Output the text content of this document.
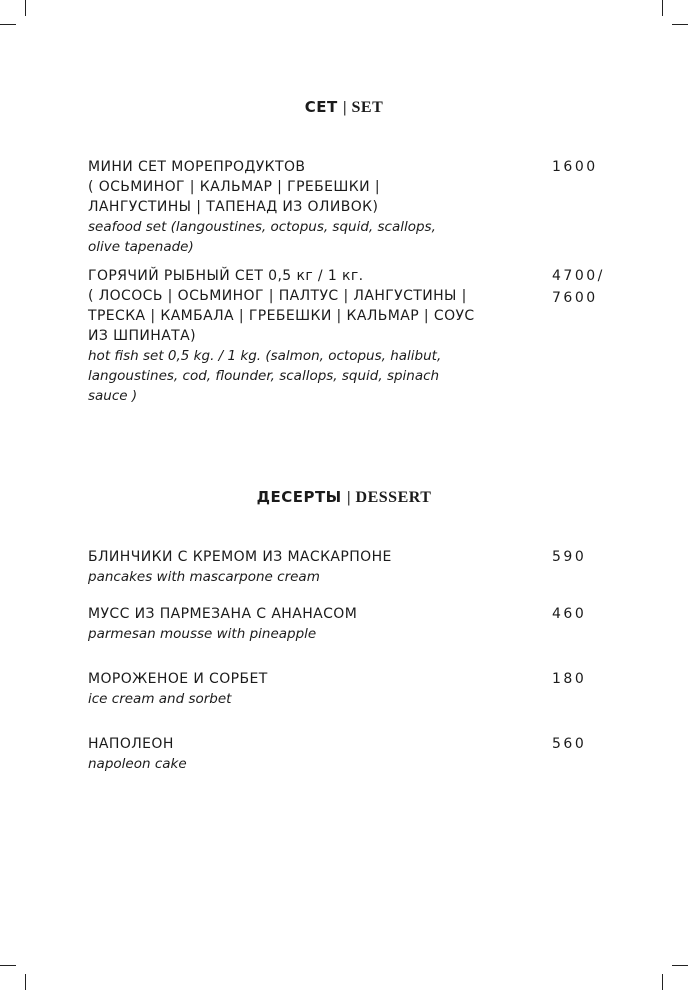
СЕТ | SET
МИНИ СЕТ МОРЕПРОДУКТОВ
( ОСЬМИНОГ | КАЛЬМАР | ГРЕБЕШКИ |
ЛАНГУСТИНЫ | ТАПЕНАД ИЗ ОЛИВОК)
seafood set (langoustines, octopus, squid, scallops,
olive tapenade)
1600
ГОРЯЧИЙ РЫБНЫЙ СЕТ 0,5 кг / 1 кг.
( ЛОСОСЬ | ОСЬМИНОГ | ПАЛТУС | ЛАНГУСТИНЫ |
ТРЕСКА | КАМБАЛА | ГРЕБЕШКИ | КАЛЬМАР | СОУС
ИЗ ШПИНАТА)
hot fish set 0,5 kg. / 1 kg. (salmon, octopus, halibut,
langoustines, cod, flounder, scallops, squid, spinach
sauce )
4700/
7600
ДЕСЕРТЫ | DESSERT
БЛИНЧИКИ С КРЕМОМ ИЗ МАСКАРПОНЕ
pancakes with mascarpone cream
590
МУСС ИЗ ПАРМЕЗАНА С АНАНАСОМ
parmesan mousse with pineapple
460
МОРОЖЕНОЕ И СОРБЕТ
ice cream and sorbet
180
НАПОЛЕОН
napoleon cake
560
